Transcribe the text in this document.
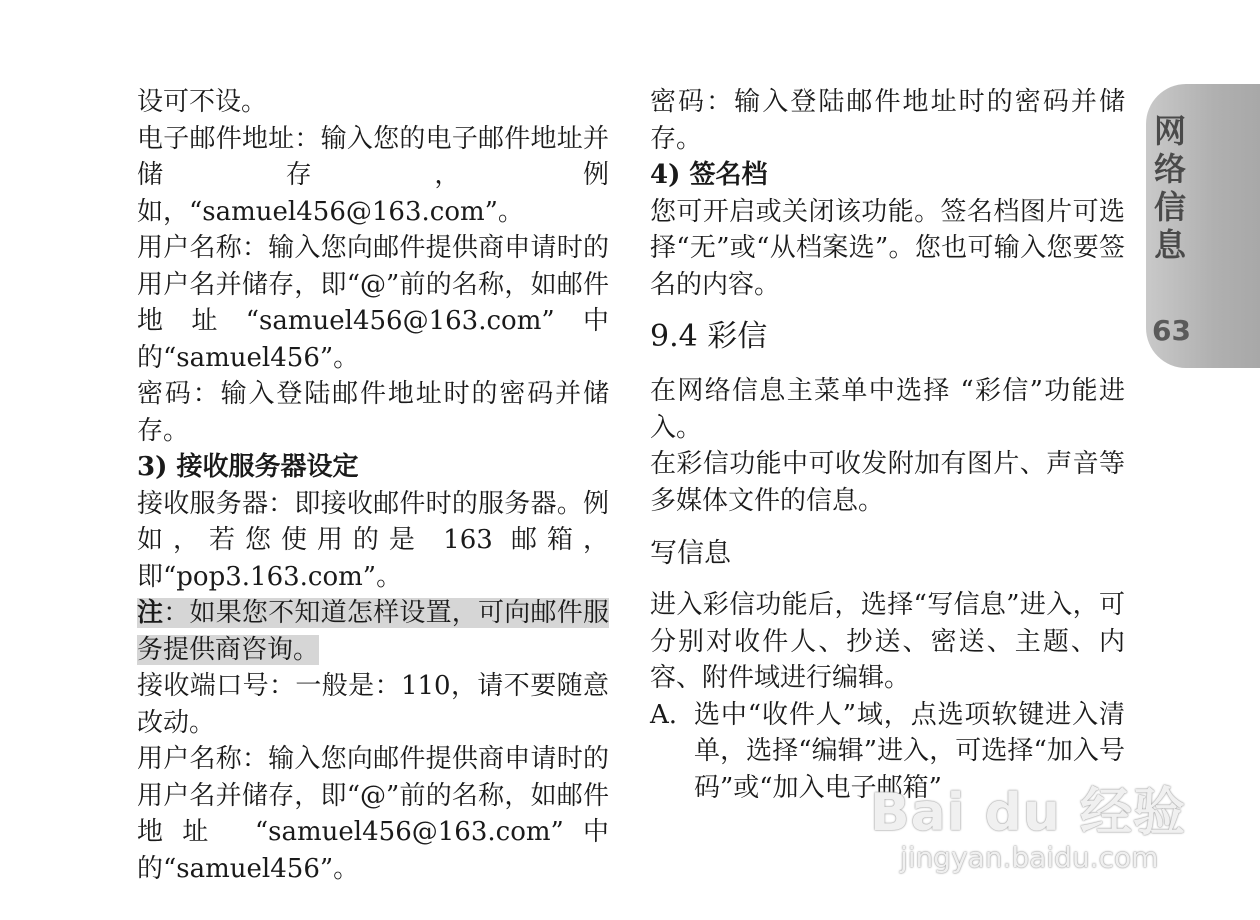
设可不设。

电子邮件地址：输入您的电子邮件地址并储存，例如，“samuel456@163.com”。

用户名称：输入您向邮件提供商申请时的用户名并储存，即“@”前的名称，如邮件地址“samuel456@163.com”中的“samuel456”。

密码：输入登陆邮件地址时的密码并储存。

3) 接收服务器设定

接收服务器：即接收邮件时的服务器。例如，若您使用的是 163 邮箱，即“pop3.163.com”。

注：如果您不知道怎样设置，可向邮件服务提供商咨询。

接收端口号：一般是：110，请不要随意改动。

用户名称：输入您向邮件提供商申请时的用户名并储存，即“@”前的名称，如邮件地址 “samuel456@163.com”中的“samuel456”。

密码：输入登陆邮件地址时的密码并储存。

4) 签名档

您可开启或关闭该功能。签名档图片可选择“无”或“从档案选”。您也可输入您要签名的内容。

9.4 彩信

在网络信息主菜单中选择 “彩信”功能进入。

在彩信功能中可收发附加有图片、声音等多媒体文件的信息。

写信息

进入彩信功能后，选择“写信息”进入，可分别对收件人、抄送、密送、主题、内容、附件域进行编辑。

A. 选中“收件人”域，点选项软键进入清单，选择“编辑”进入，可选择“加入号码”或“加入电子邮箱”

网络信息
63
Bai du 经验
jingyan.baidu.com
